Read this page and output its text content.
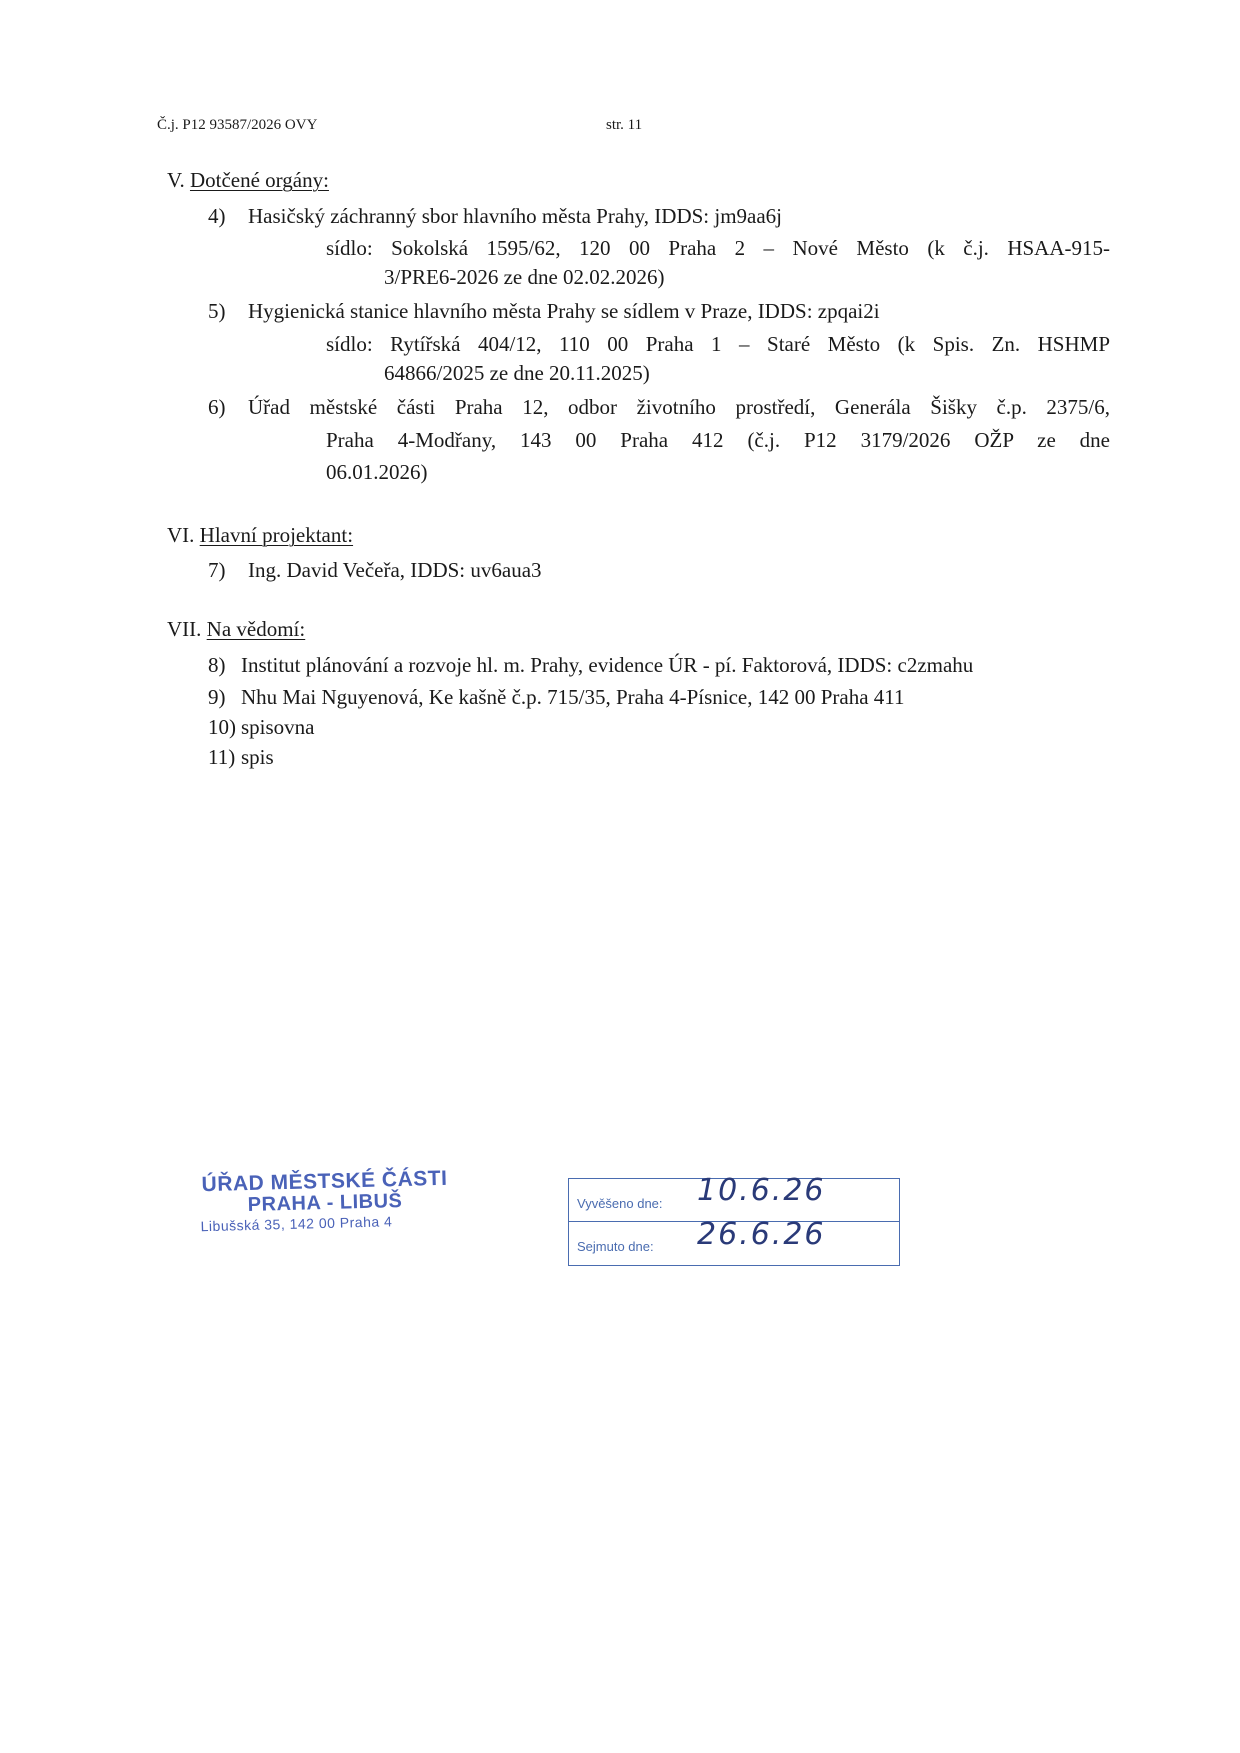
Č.j. P12 93587/2026 OVY	str. 11
V. Dotčené orgány:
4) Hasičský záchranný sbor hlavního města Prahy, IDDS: jm9aa6j
sídlo: Sokolská 1595/62, 120 00 Praha 2 – Nové Město (k č.j. HSAA-915-
3/PRE6-2026 ze dne 02.02.2026)
5) Hygienická stanice hlavního města Prahy se sídlem v Praze, IDDS: zpqai2i
sídlo: Rytířská 404/12, 110 00 Praha 1 – Staré Město (k Spis. Zn. HSHMP
64866/2025 ze dne 20.11.2025)
6) Úřad městské části Praha 12, odbor životního prostředí, Generála Šišky č.p. 2375/6,
Praha 4-Modřany, 143 00 Praha 412 (č.j. P12 3179/2026 OŽP ze dne
06.01.2026)
VI. Hlavní projektant:
7) Ing. David Večeřa, IDDS: uv6aua3
VII. Na vědomí:
8) Institut plánování a rozvoje hl. m. Prahy, evidence ÚR - pí. Faktorová, IDDS: c2zmahu
9) Nhu Mai Nguyenová, Ke kašně č.p. 715/35, Praha 4-Písnice, 142 00 Praha 411
10) spisovna
11) spis
ÚŘAD MĚSTSKÉ ČÁSTI
PRAHA - LIBUŠ
Libušská 35, 142 00 Praha 4
Vyvěšeno dne: 10.6.26
Sejmuto dne: 26.6.26
